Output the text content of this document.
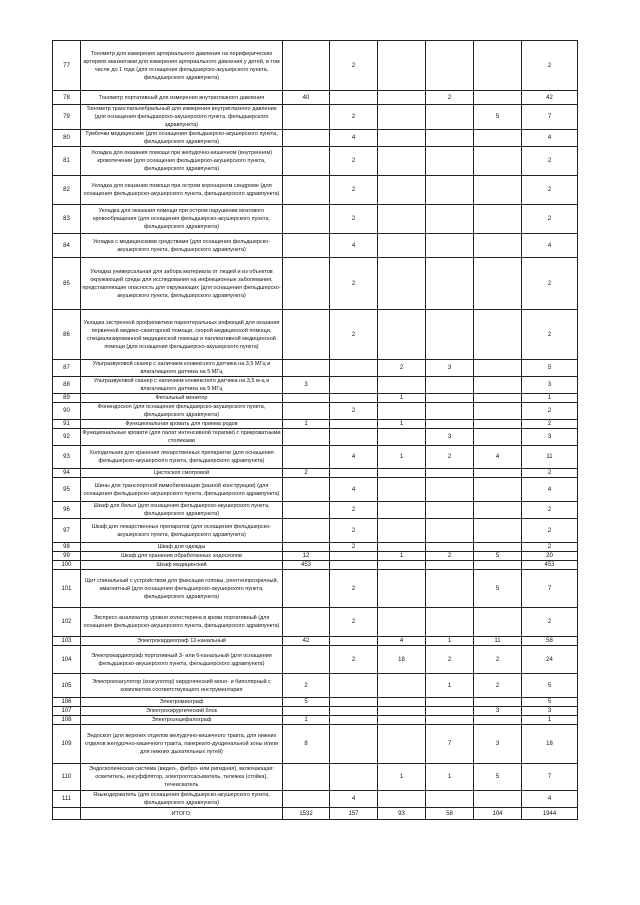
77	Тонометр для измерения артериального давления на периферических артериях манжетами для измерения артериального давления у детей, в том числе до 1 года (для оснащения фельдшерско-акушерского пункта, фельдшерского здравпункта)		2				2
78	Тонометр портативный для измерения внутриглазного давления	40			2		42
79	Тонометр транспальпебральный для измерения внутриглазного давления (для оснащения фельдшерско-акушерского пункта, фельдшерского здравпункта)		2			5	7
80	Тумбочки медицинские (для оснащения фельдшерско-акушерского пункта, фельдшерского здравпункта)		4				4
81	Укладка для оказания помощи при желудочно-кишечном (внутреннем) кровотечении (для оснащения фельдшерско-акушерского пункта, фельдшерского здравпункта)		2				2
82	Укладка для оказания помощи при остром коронарном синдроме (для оснащения фельдшерско-акушерского пункта, фельдшерского здравпункта)		2				2
83	Укладка для оказания помощи при остром нарушении мозгового кровообращения (для оснащения фельдшерско-акушерского пункта, фельдшерского здравпункта)		2				2
84	Укладка с медицинскими средствами (для оснащения фельдшерско-акушерского пункта, фельдшерского здравпункта)		4				4
85	Укладка универсальная для забора материала от людей и из объектов окружающей среды для исследования на инфекционные заболевания, представляющие опасность для окружающих (для оснащения фельдшерско-акушерского пункта, фельдшерского здравпункта)		2				2
86	Укладка экстренной профилактики парентеральных инфекций для оказания первичной медико-санитарной помощи, скорой медицинской помощи, специализированной медицинской помощи и паллиативной медицинской помощи (для оснащения фельдшерско-акушерского пункта)		2				2
87	Ультразвуковой сканер с наличием конвексного датчика на 3,5 МГц и влагалищного датчика на 5 МГц			2	3		5
88	Ультразвуковой сканер с наличием конвексного датчика на 3,5 м-ц и влагалищного датчика на 5 МГц	3					3
89	Фетальный монитор			1			1
90	Фонендоскоп (для оснащения фельдшерско-акушерского пункта, фельдшерского здравпункта)		2				2
91	Функциональная кровать для приема родов	1		1			2
92	Функциональные кровати (для палат интенсивной терапии) с прикроватными столиками				3		3
93	Холодильник для хранения лекарственных препаратов (для оснащения фельдшерско-акушерского пункта, фельдшерского здравпункта)		4	1	2	4	11
94	Цистоскоп смотровой	2					2
95	Шины для транспортной иммобилизации (разной конструкции) (для оснащения фельдшерско-акушерского пункта, фельдшерского здравпункта)		4				4
96	Шкаф для белья (для оснащения фельдшерско-акушерского пункта, фельдшерского здравпункта)		2				2
97	Шкаф для лекарственных препаратов (для оснащения фельдшерско-акушерского пункта, фельдшерского здравпункта)		2				2
98	Шкаф для одежды		2				2
99	Шкаф для хранения обработанных эндоскопов	12		1	2	5	20
100	Шкаф медицинский	453					453
101	Щит спинальный с устройством для фиксации головы, рентгенпрозрачный, амагнитный (для оснащения фельдшерско-акушерского пункта, фельдшерского здравпункта)		2			5	7
102	Экспресс-анализатор уровня холестерина в крови портативный (для оснащения фельдшерско-акушерского пункта, фельдшерского здравпункта)		2				2
103	Электрокардиограф 12-канальный	42		4	1	11	58
104	Электрокардиограф портативный 3- или 6-канальный (для оснащения фельдшерско-акушерского пункта, фельдшерского здравпункта)		2	18	2	2	24
105	Электрокоагулятор (коагулятор) хирургический моно- и биполярный с комплектом соответствующего инструментария	2			1	2	5
106	Электромиограф	5					5
107	Электрохирургический блок					3	3
108	Электроэнцефалограф	1					1
109	Эндоскоп (для верхних отделов желудочно-кишечного тракта, для нижних отделов желудочно-кишечного тракта, панкреато-дуоденальной зоны и/или для нижних дыхательных путей)	8			7	3	18
110	Эндоскопическая система (видео-, фибро- или ригидная), включающая: осветитель, инсуффлятор, электроотсасыватель, тележка (стойка), течеискатель			1	1	5	7
111	Языкодержатель (для оснащения фельдшерско-акушерского пункта, фельдшерского здравпункта)		4				4
	ИТОГО:	1532	157	93	58	104	1944
